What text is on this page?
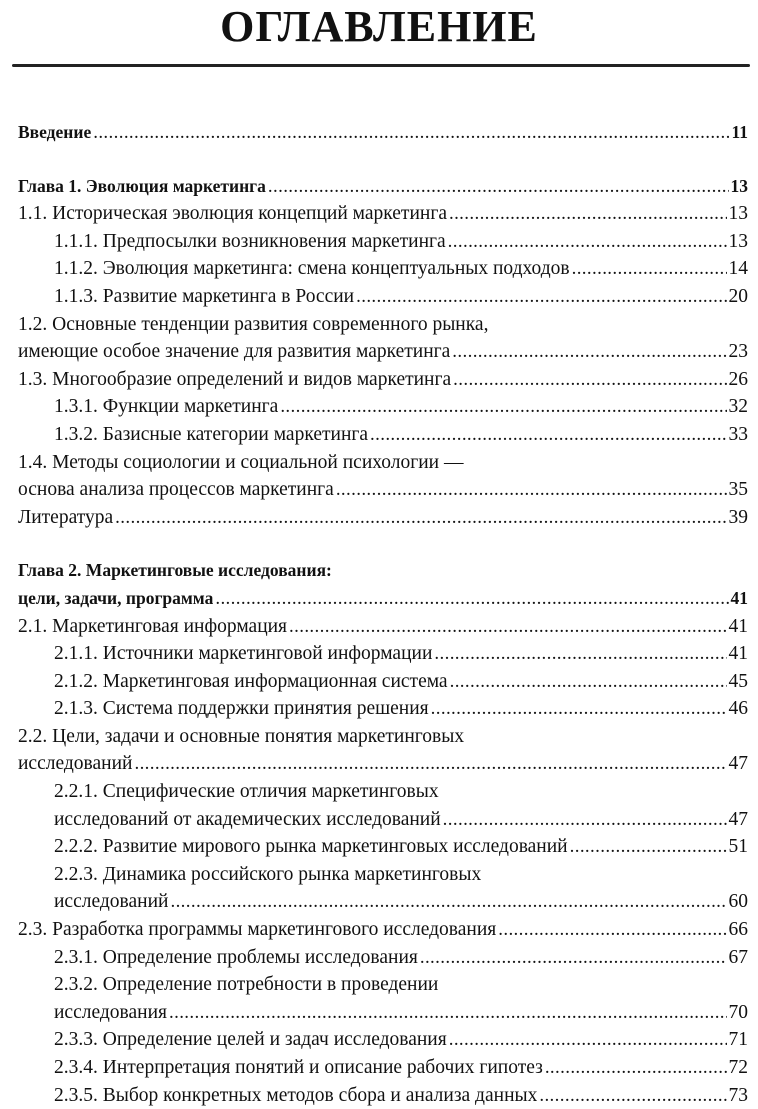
ОГЛАВЛЕНИЕ
Введение . . .	11
Глава 1. Эволюция маркетинга . . .	13
1.1. Историческая эволюция концепций маркетинга . . .	13
1.1.1. Предпосылки возникновения маркетинга . . .	13
1.1.2. Эволюция маркетинга: смена концептуальных подходов . . .	14
1.1.3. Развитие маркетинга в России . . .	20
1.2. Основные тенденции развития современного рынка,
имеющие особое значение для развития маркетинга . . .	23
1.3. Многообразие определений и видов маркетинга . . .	26
1.3.1. Функции маркетинга . . .	32
1.3.2. Базисные категории маркетинга . . .	33
1.4. Методы социологии и социальной психологии —
основа анализа процессов маркетинга . . .	35
Литература . . .	39
Глава 2. Маркетинговые исследования:
цели, задачи, программа . . .	41
2.1. Маркетинговая информация . . .	41
2.1.1. Источники маркетинговой информации . . .	41
2.1.2. Маркетинговая информационная система . . .	45
2.1.3. Система поддержки принятия решения . . .	46
2.2. Цели, задачи и основные понятия маркетинговых
исследований . . .	47
2.2.1. Специфические отличия маркетинговых
исследований от академических исследований . . .	47
2.2.2. Развитие мирового рынка маркетинговых исследований . . .	51
2.2.3. Динамика российского рынка маркетинговых
исследований . . .	60
2.3. Разработка программы маркетингового исследования . . .	66
2.3.1. Определение проблемы исследования . . .	67
2.3.2. Определение потребности в проведении
исследования . . .	70
2.3.3. Определение целей и задач исследования . . .	71
2.3.4. Интерпретация понятий и описание рабочих гипотез . . .	72
2.3.5. Выбор конкретных методов сбора и анализа данных . . .	73
